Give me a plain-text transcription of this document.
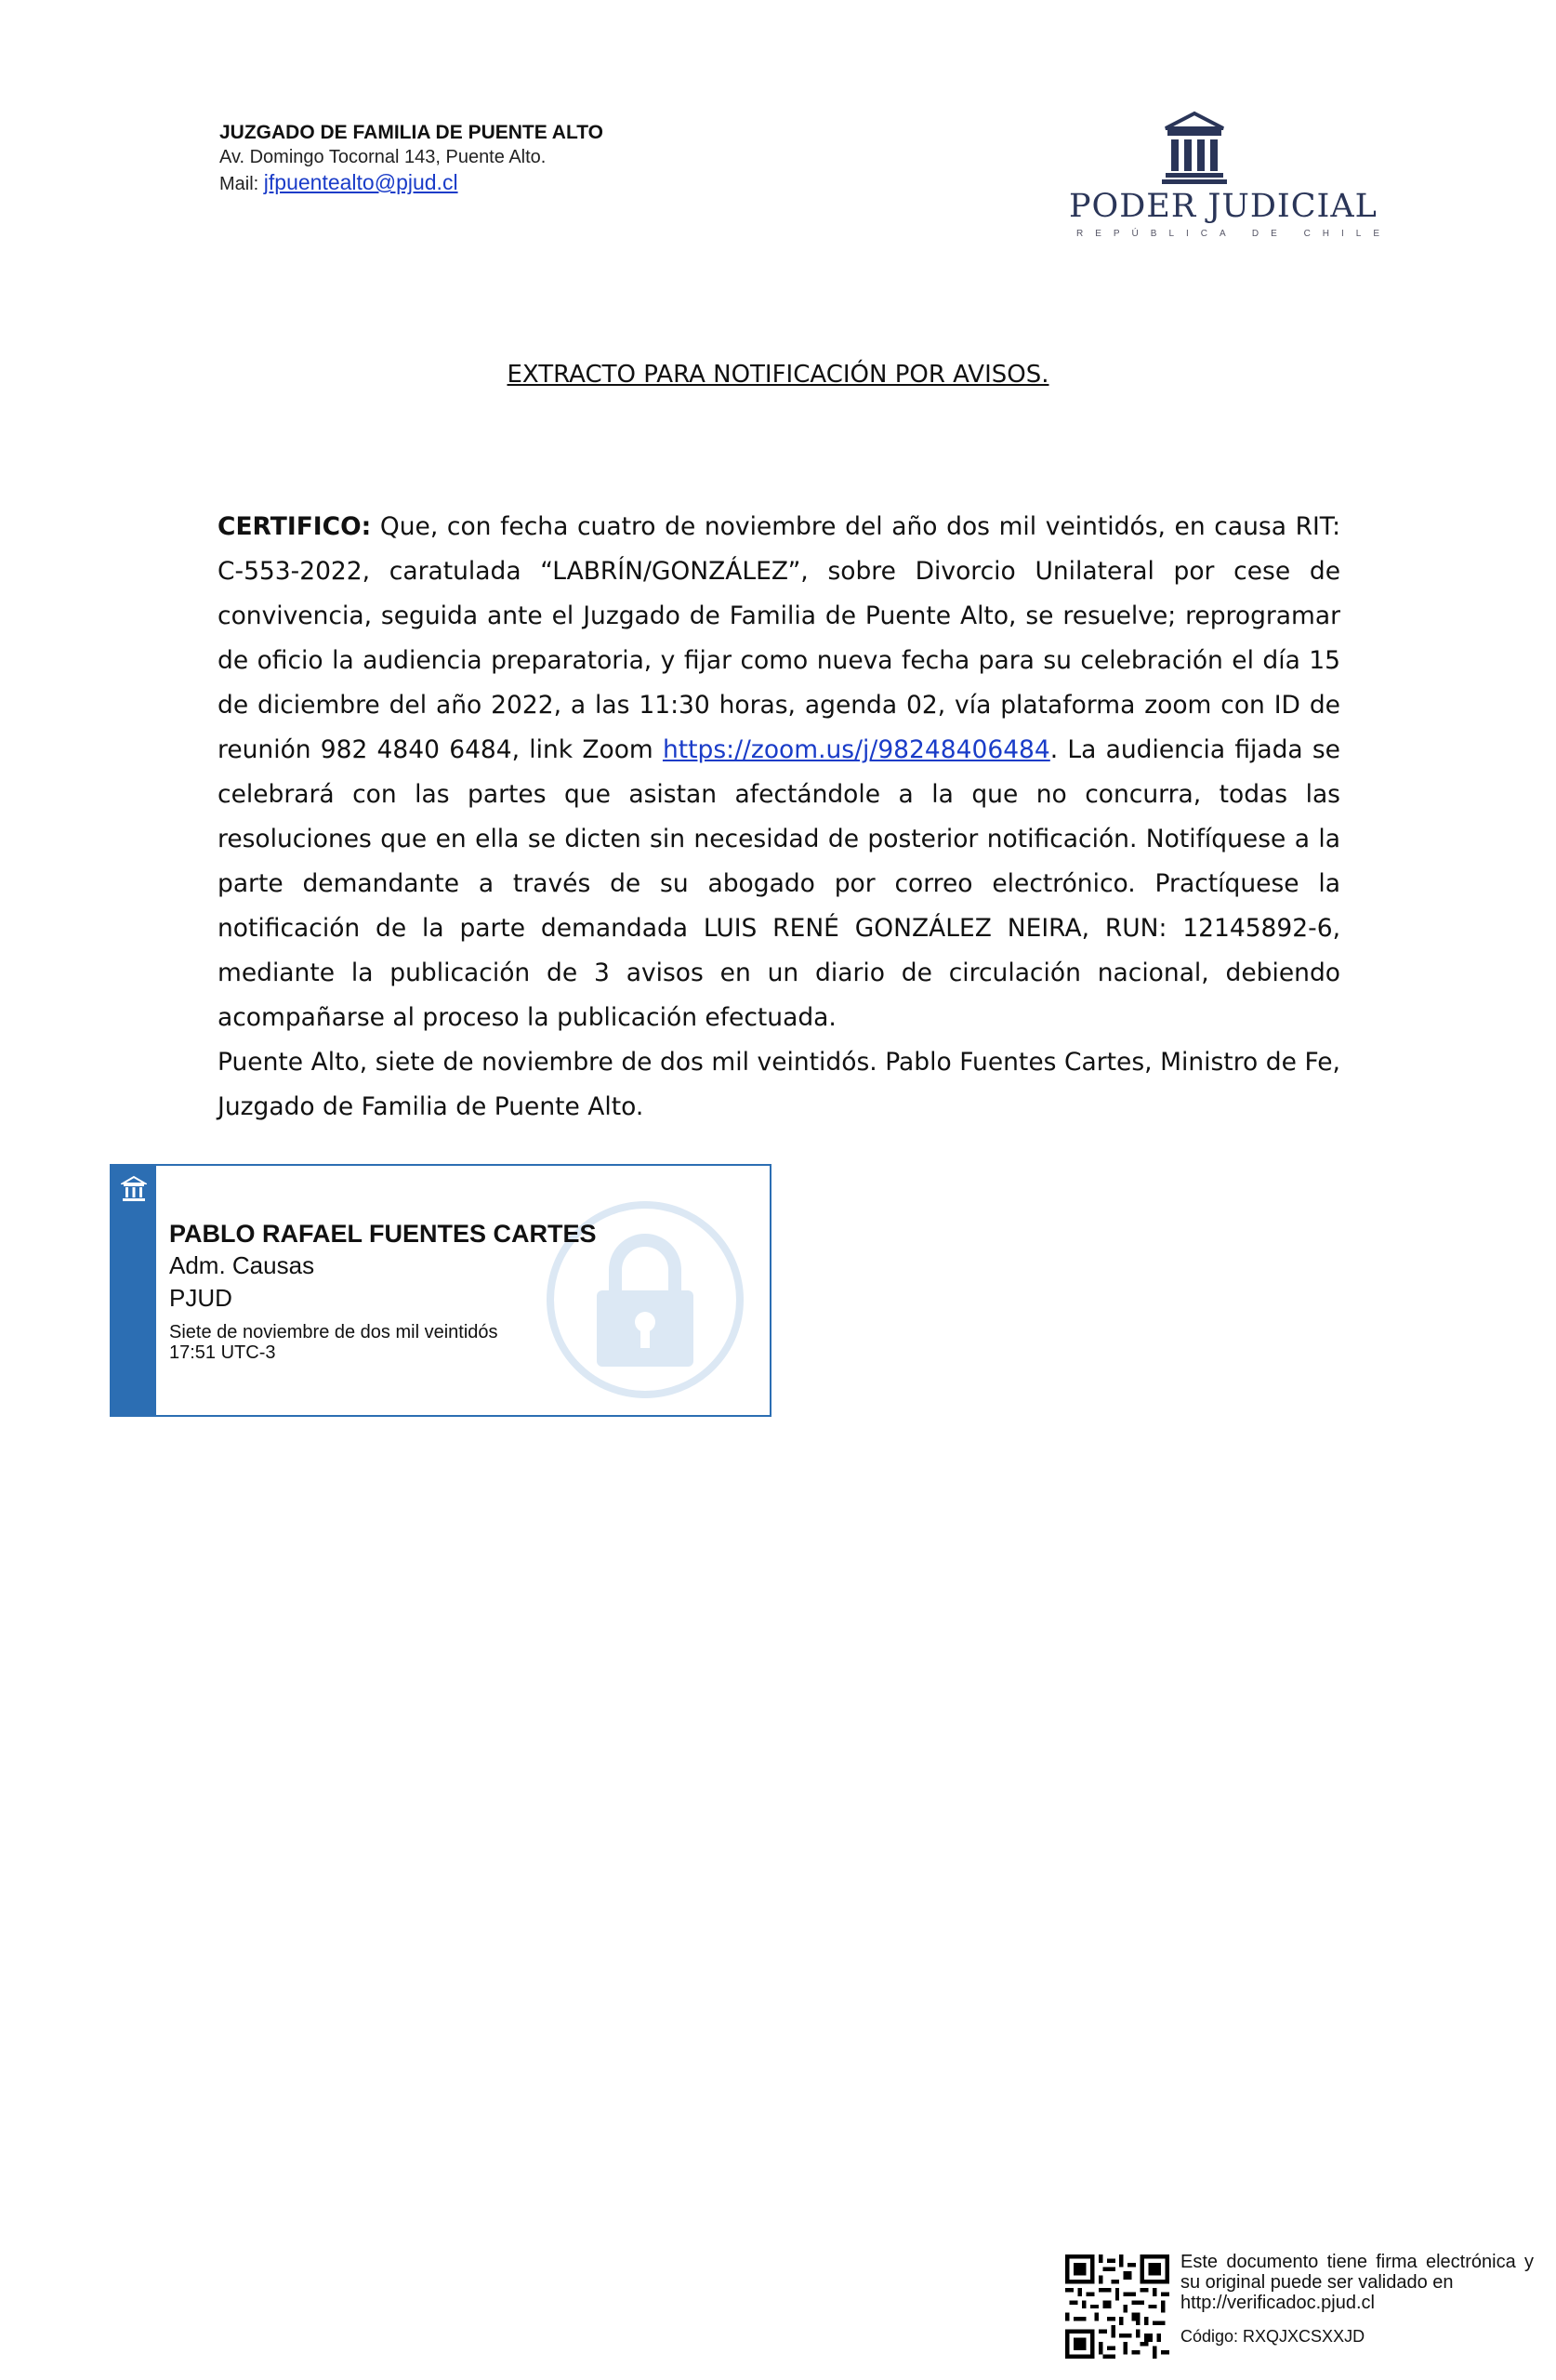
JUZGADO DE FAMILIA DE PUENTE ALTO
Av. Domingo Tocornal 143, Puente Alto.
Mail: jfpuentealto@pjud.cl
PODER JUDICIAL
REPÚBLICA DE CHILE
EXTRACTO PARA NOTIFICACIÓN POR AVISOS.

CERTIFICO: Que, con fecha cuatro de noviembre del año dos mil veintidós, en causa RIT: C-553-2022, caratulada “LABRÍN/GONZÁLEZ”, sobre Divorcio Unilateral por cese de convivencia, seguida ante el Juzgado de Familia de Puente Alto, se resuelve; reprogramar de oficio la audiencia preparatoria, y fijar como nueva fecha para su celebración el día 15 de diciembre del año 2022, a las 11:30 horas, agenda 02, vía plataforma zoom con ID de reunión 982 4840 6484, link Zoom https://zoom.us/j/98248406484. La audiencia fijada se celebrará con las partes que asistan afectándole a la que no concurra, todas las resoluciones que en ella se dicten sin necesidad de posterior notificación. Notifíquese a la parte demandante a través de su abogado por correo electrónico. Practíquese la notificación de la parte demandada LUIS RENÉ GONZÁLEZ NEIRA, RUN: 12145892-6, mediante la publicación de 3 avisos en un diario de circulación nacional, debiendo acompañarse al proceso la publicación efectuada.

Puente Alto, siete de noviembre de dos mil veintidós. Pablo Fuentes Cartes, Ministro de Fe, Juzgado de Familia de Puente Alto.

PABLO RAFAEL FUENTES CARTES
Adm. Causas
PJUD
Siete de noviembre de dos mil veintidós
17:51 UTC-3
Este documento tiene firma electrónica y su original puede ser validado en
http://verificadoc.pjud.cl
Código: RXQJXCSXXJD
